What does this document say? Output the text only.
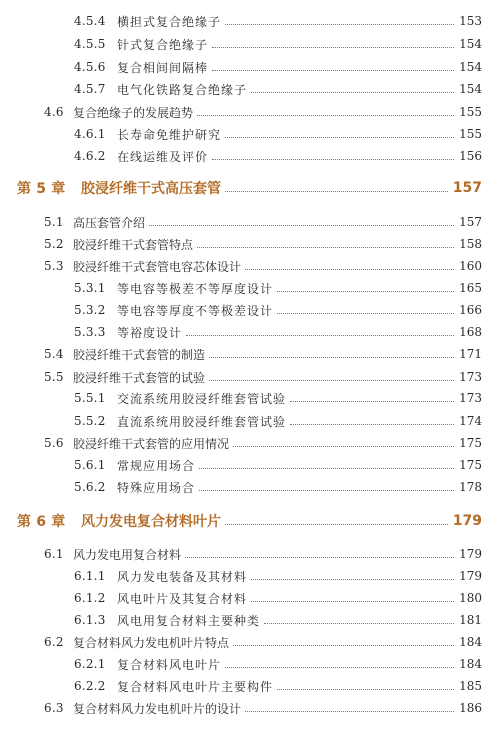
4.5.4 横担式复合绝缘子	153
4.5.5 针式复合绝缘子	154
4.5.6 复合相间间隔棒	154
4.5.7 电气化铁路复合绝缘子	154
4.6 复合绝缘子的发展趋势	155
4.6.1 长寿命免维护研究	155
4.6.2 在线运维及评价	156
第 5 章 胶浸纤维干式高压套管	157
5.1 高压套管介绍	157
5.2 胶浸纤维干式套管特点	158
5.3 胶浸纤维干式套管电容芯体设计	160
5.3.1 等电容等极差不等厚度设计	165
5.3.2 等电容等厚度不等极差设计	166
5.3.3 等裕度设计	168
5.4 胶浸纤维干式套管的制造	171
5.5 胶浸纤维干式套管的试验	173
5.5.1 交流系统用胶浸纤维套管试验	173
5.5.2 直流系统用胶浸纤维套管试验	174
5.6 胶浸纤维干式套管的应用情况	175
5.6.1 常规应用场合	175
5.6.2 特殊应用场合	178
第 6 章 风力发电复合材料叶片	179
6.1 风力发电用复合材料	179
6.1.1 风力发电装备及其材料	179
6.1.2 风电叶片及其复合材料	180
6.1.3 风电用复合材料主要种类	181
6.2 复合材料风力发电机叶片特点	184
6.2.1 复合材料风电叶片	184
6.2.2 复合材料风电叶片主要构件	185
6.3 复合材料风力发电机叶片的设计	186
